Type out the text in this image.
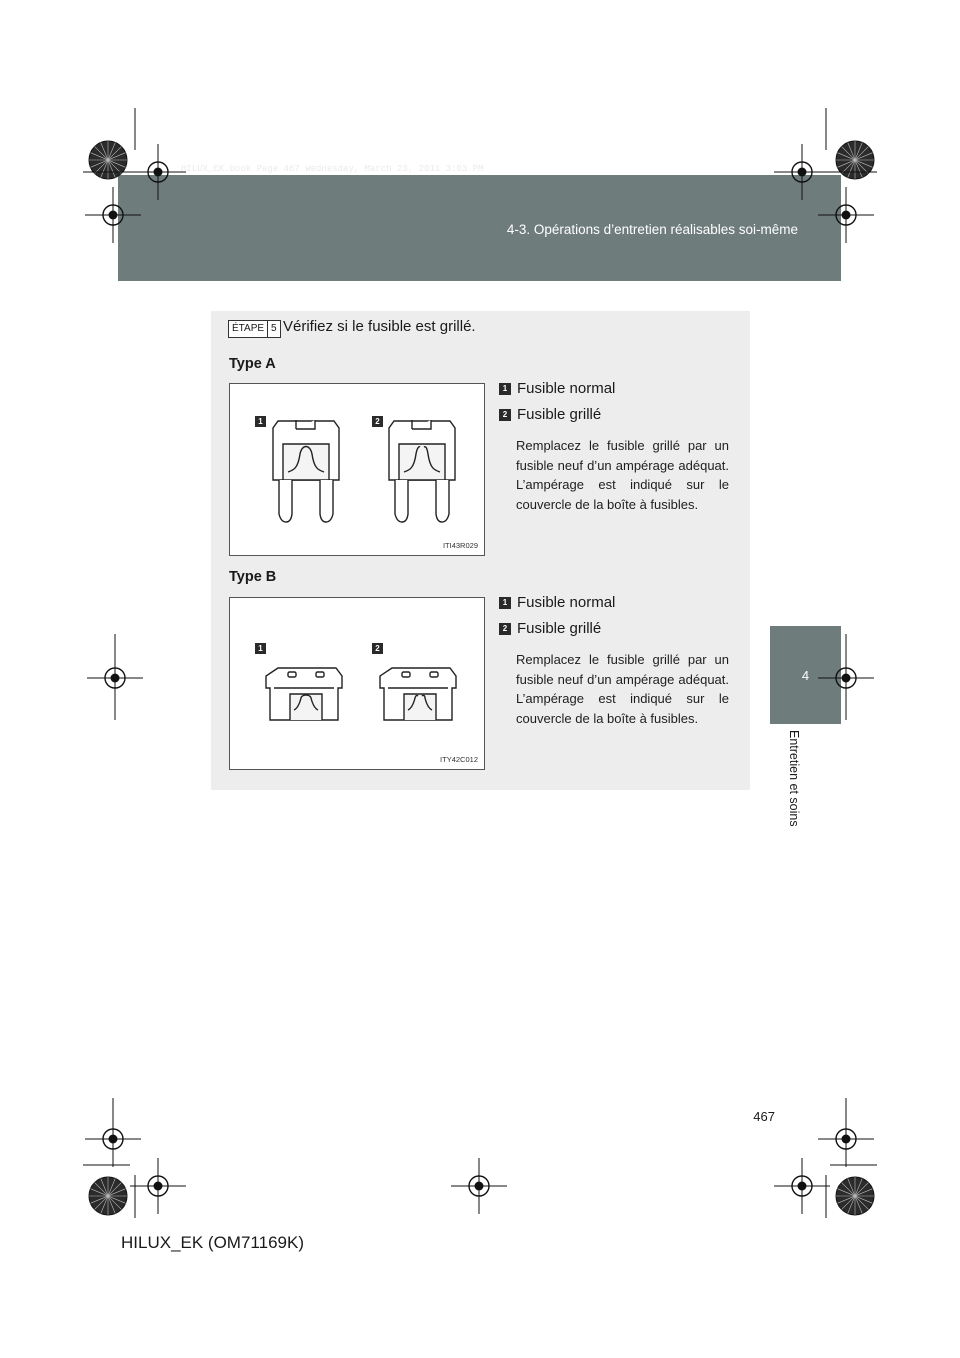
HILUX_EK.book Page 467 Wednesday, March 23, 2011 3:03 PM
4-3. Opérations d’entretien réalisables soi-même
4
Entretien et soins
ÉTAPE 5 Vérifiez si le fusible est grillé.
Type A
1	2
ITI43R029
1 Fusible normal
2 Fusible grillé
Remplacez le fusible grillé par un fusible neuf d’un ampérage adéquat. L’ampérage est indiqué sur le couvercle de la boîte à fusibles.
Type B
1	2
ITY42C012
1 Fusible normal
2 Fusible grillé
Remplacez le fusible grillé par un fusible neuf d’un ampérage adéquat. L’ampérage est indiqué sur le couvercle de la boîte à fusibles.
467
HILUX_EK (OM71169K)
